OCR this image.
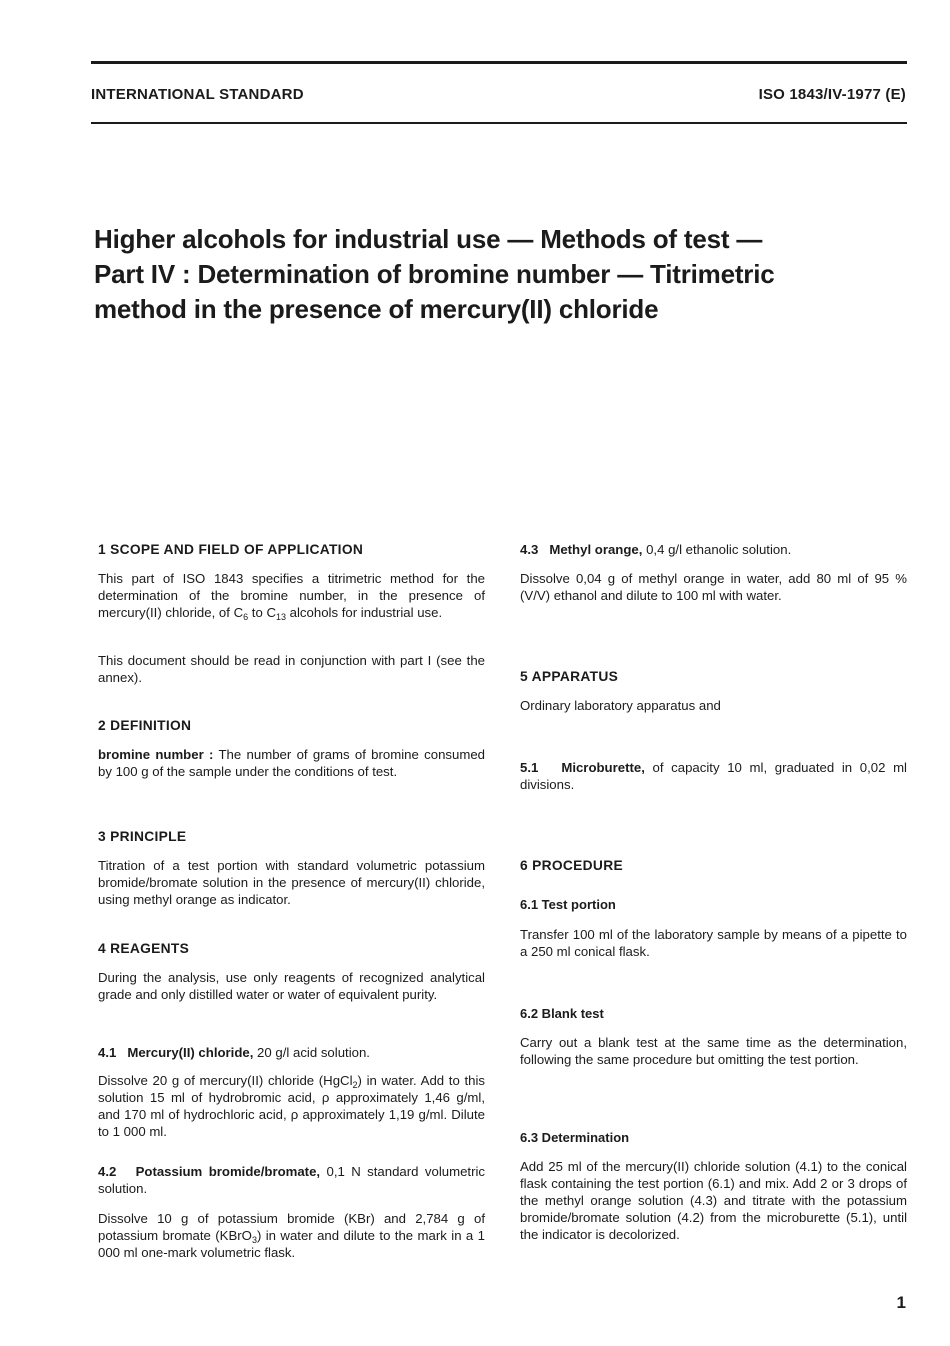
INTERNATIONAL STANDARD	ISO 1843/IV-1977 (E)
Higher alcohols for industrial use — Methods of test —
Part IV : Determination of bromine number — Titrimetric
method in the presence of mercury(II) chloride
1 SCOPE AND FIELD OF APPLICATION
This part of ISO 1843 specifies a titrimetric method for the determination of the bromine number, in the presence of mercury(II) chloride, of $C_6$ to $C_{13}$ alcohols for industrial use.
This document should be read in conjunction with part I (see the annex).
2 DEFINITION
bromine number : The number of grams of bromine consumed by 100 g of the sample under the conditions of test.
3 PRINCIPLE
Titration of a test portion with standard volumetric potassium bromide/bromate solution in the presence of mercury(II) chloride, using methyl orange as indicator.
4 REAGENTS
During the analysis, use only reagents of recognized analytical grade and only distilled water or water of equivalent purity.
4.1 Mercury(II) chloride, 20 g/l acid solution.
Dissolve 20 g of mercury(II) chloride (HgCl$_2$) in water. Add to this solution 15 ml of hydrobromic acid, ρ approximately 1,46 g/ml, and 170 ml of hydrochloric acid, ρ approximately 1,19 g/ml. Dilute to 1 000 ml.
4.2 Potassium bromide/bromate, 0,1 N standard volumetric solution.
Dissolve 10 g of potassium bromide (KBr) and 2,784 g of potassium bromate (KBrO$_3$) in water and dilute to the mark in a 1 000 ml one-mark volumetric flask.
4.3 Methyl orange, 0,4 g/l ethanolic solution.
Dissolve 0,04 g of methyl orange in water, add 80 ml of 95 % (V/V) ethanol and dilute to 100 ml with water.
5 APPARATUS
Ordinary laboratory apparatus and
5.1 Microburette, of capacity 10 ml, graduated in 0,02 ml divisions.
6 PROCEDURE
6.1 Test portion
Transfer 100 ml of the laboratory sample by means of a pipette to a 250 ml conical flask.
6.2 Blank test
Carry out a blank test at the same time as the determination, following the same procedure but omitting the test portion.
6.3 Determination
Add 25 ml of the mercury(II) chloride solution (4.1) to the conical flask containing the test portion (6.1) and mix. Add 2 or 3 drops of the methyl orange solution (4.3) and titrate with the potassium bromide/bromate solution (4.2) from the microburette (5.1), until the indicator is decolorized.
1
